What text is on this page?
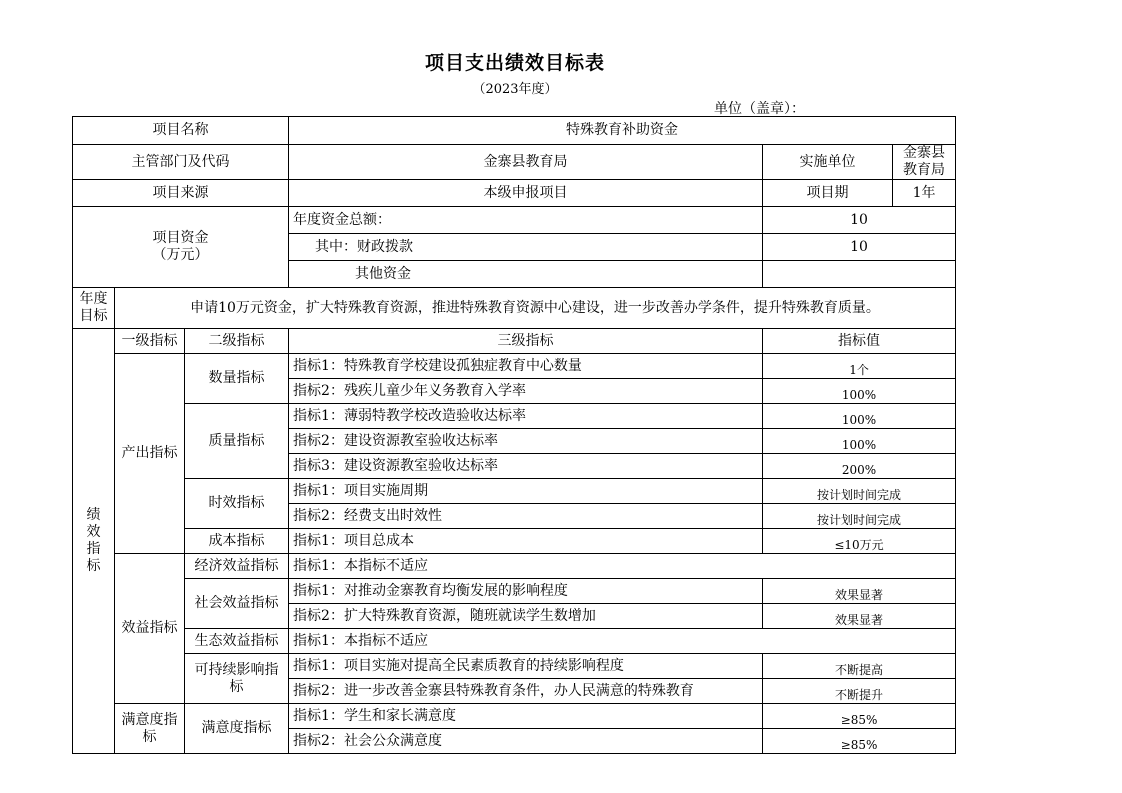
项目支出绩效目标表
（2023年度）
单位（盖章）：
项目名称			特殊教育补助资金		
主管部门及代码			金寨县教育局	实施单位	金寨县教育局
项目来源			本级申报项目	项目期	1年

项目资金
（万元）			年度资金总额：	10	
			其中：财政拨款	10	
			其他资金		

年度
目标	申请10万元资金，扩大特殊教育资源，推进特殊教育资源中心建设，进一步改善办学条件，提升特殊教育质量。				

绩
效
指
标	一级指标	二级指标	三级指标	指标值	
	产出指标	数量指标	指标1：特殊教育学校建设孤独症教育中心数量	1个	
			指标2：残疾儿童少年义务教育入学率	100%	
		质量指标	指标1：薄弱特教学校改造验收达标率	100%	
			指标2：建设资源教室验收达标率	100%	
			指标3：建设资源教室验收达标率	200%	
		时效指标	指标1：项目实施周期	按计划时间完成	
			指标2：经费支出时效性	按计划时间完成	
		成本指标	指标1：项目总成本	≤10万元	
	效益指标	经济效益指标	指标1：本指标不适应		
		社会效益指标	指标1：对推动金寨教育均衡发展的影响程度	效果显著	
			指标2：扩大特殊教育资源，随班就读学生数增加	效果显著	
		生态效益指标	指标1：本指标不适应		

		可持续影响指
标	指标1：项目实施对提高全民素质教育的持续影响程度	不断提高	
			指标2：进一步改善金寨县特殊教育条件，办人民满意的特殊教育	不断提升	

	满意度指
标	满意度指标	指标1：学生和家长满意度	≥85%	
			指标2：社会公众满意度	≥85%	
